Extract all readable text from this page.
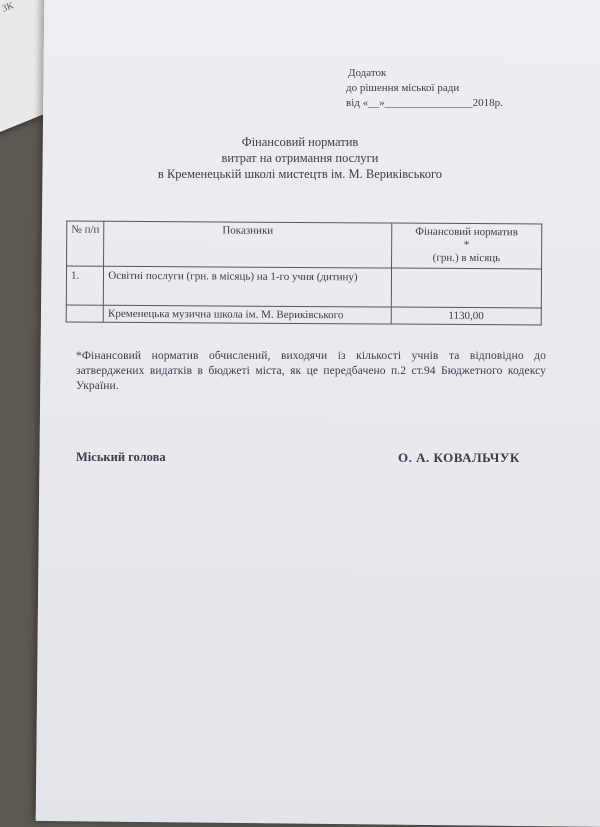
ЗК
Додаток
до рішення міської ради
від «__»________________2018р.
Фінансовий норматив
витрат на отримання послуги
в Кременецькій школі мистецтв ім. М. Вериківського
№ п/п	Показники	Фінансовий норматив
*
(грн.) в місяць

1.	Освітні послуги (грн. в місяць) на 1-го учня (дитину)	
	Кременецька музична школа ім. М. Вериківського	1130,00
*Фінансовий норматив обчислений, виходячи із кількості учнів та відповідно до затверджених видатків в бюджеті міста, як це передбачено п.2 ст.94 Бюджетного кодексу України.
Міський голова	О. А. КОВАЛЬЧУК
